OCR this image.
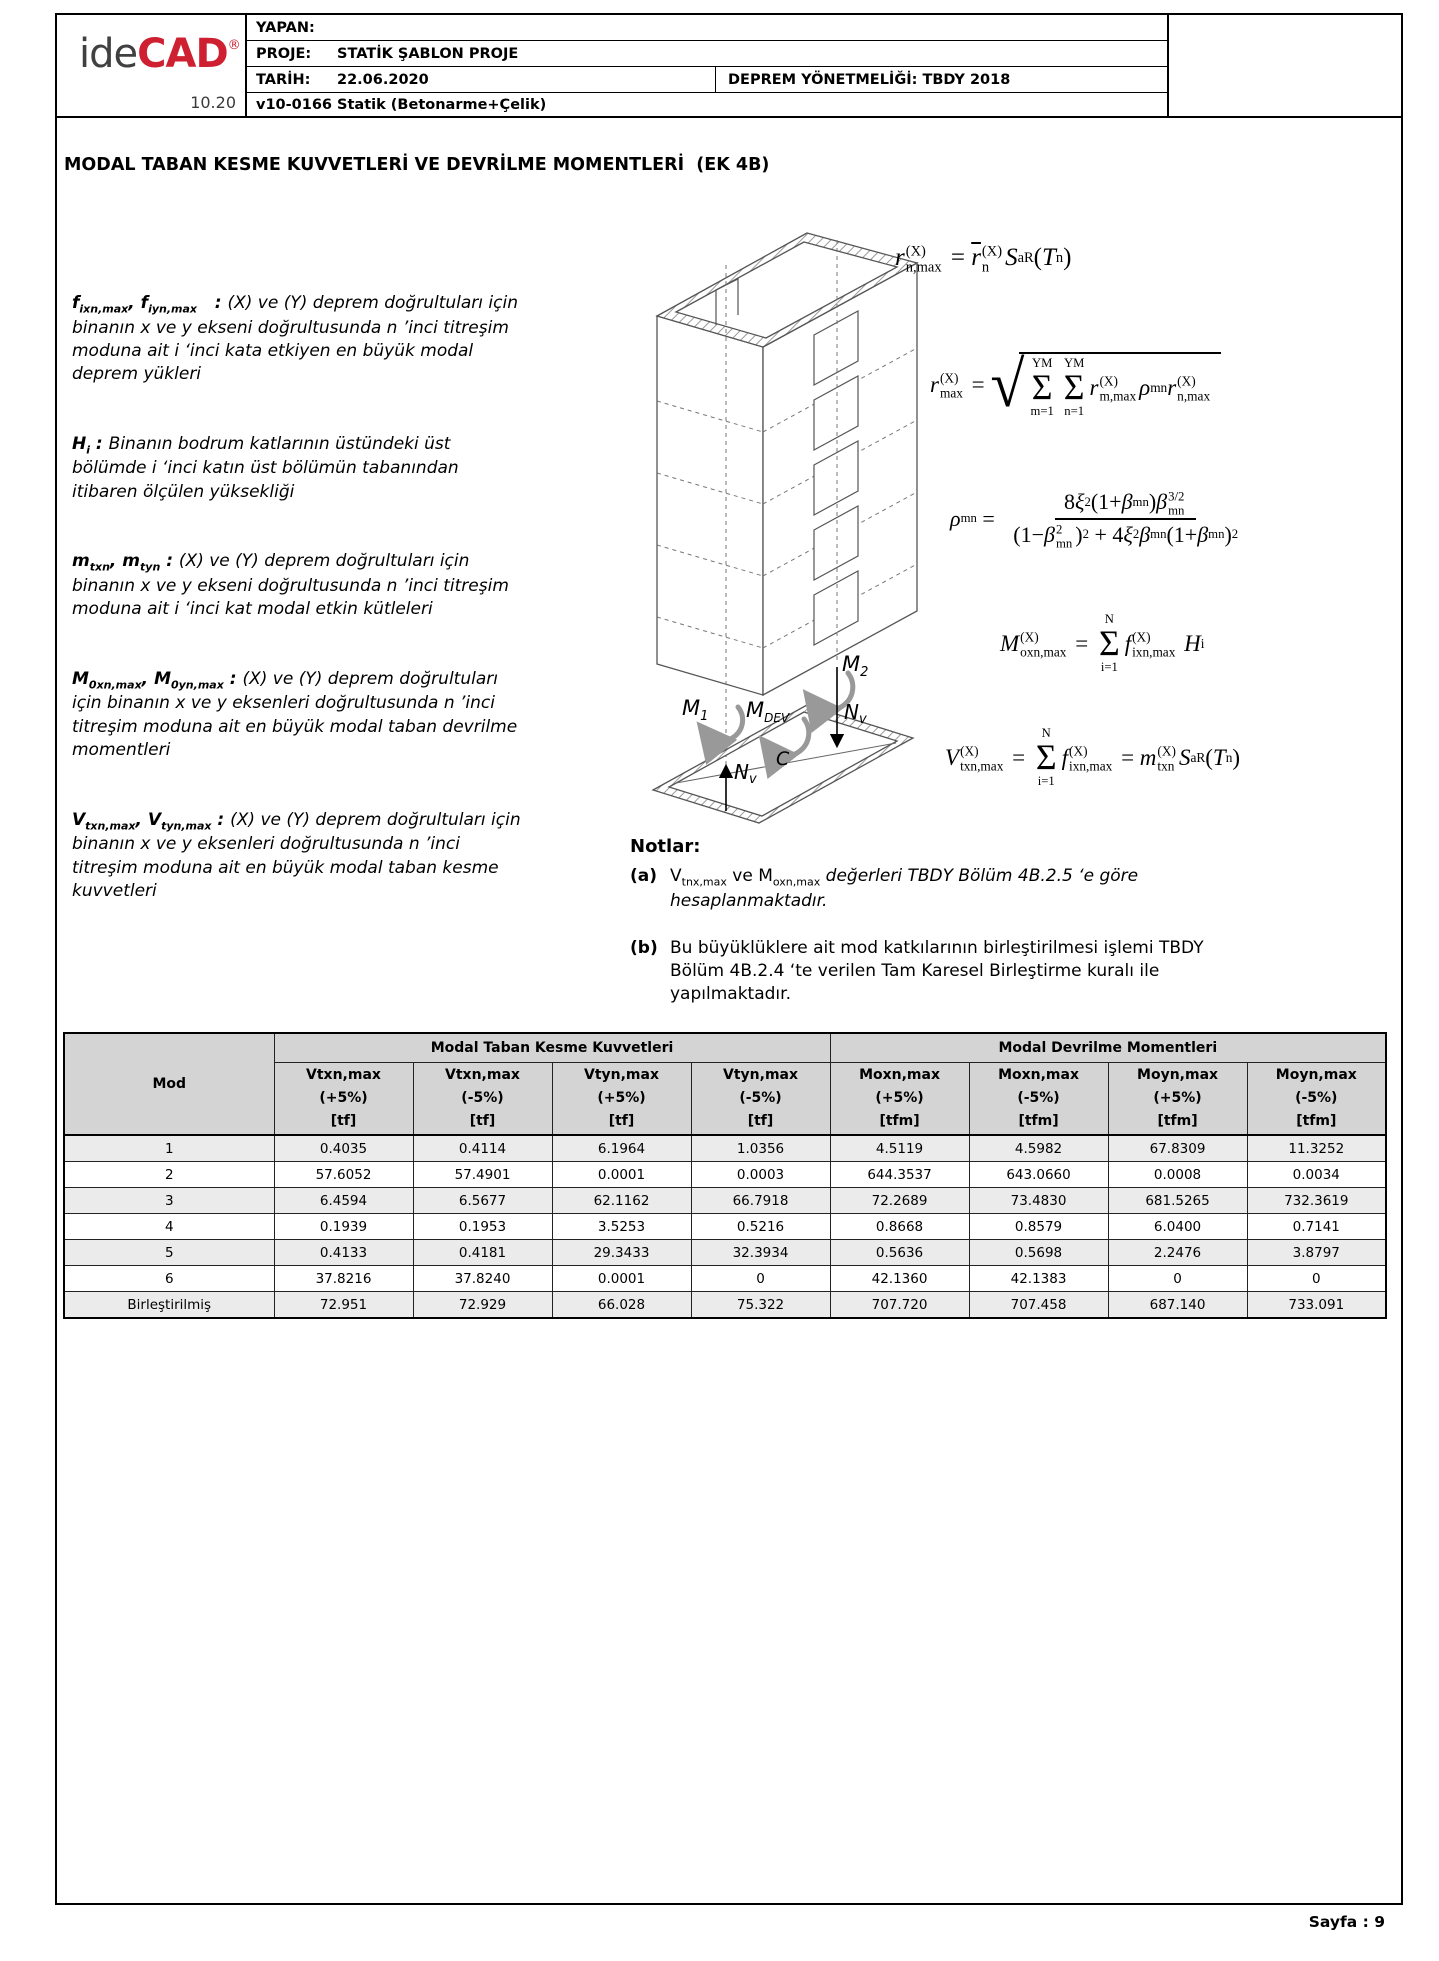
ideCAD®
10.20
YAPAN:
PROJE:	STATİK ŞABLON PROJE
TARİH:	22.06.2020	DEPREM YÖNETMELİĞİ: TBDY 2018
v10-0166 Statik (Betonarme+Çelik)
MODAL TABAN KESME KUVVETLERİ VE DEVRİLME MOMENTLERİ  (EK 4B)
$f_{ixn,max}$, $f_{iyn,max}$   : (X) ve (Y) deprem doğrultuları için binanın x ve y ekseni doğrultusunda n ’inci titreşim moduna ait i ‘inci kata etkiyen en büyük modal deprem yükleri
$H_i$ : Binanın bodrum katlarının üstündeki üst bölümde i ‘inci katın üst bölümün tabanından itibaren ölçülen yüksekliği
$m_{txn}$, $m_{tyn}$ : (X) ve (Y) deprem doğrultuları için binanın x ve y ekseni doğrultusunda n ’inci titreşim moduna ait i ‘inci kat modal etkin kütleleri
$M_{0xn,max}$, $M_{0yn,max}$ : (X) ve (Y) deprem doğrultuları için binanın x ve y eksenleri doğrultusunda n ’inci titreşim moduna ait en büyük modal taban devrilme momentleri
$V_{txn,max}$, $V_{tyn,max}$ : (X) ve (Y) deprem doğrultuları için binanın x ve y eksenleri doğrultusunda n ’inci titreşim moduna ait en büyük modal taban kesme kuvvetleri
$M_1$
$M_2$
$M_{DEV}$	$N_v$
$N_v$
C
r (X)
$n,\max = \overline{r}$ (X)
n S aR ( T n )
r (X)
max = √ YM
Σ
m=1
YM
Σ
n=1
r (X)
m,max ρ mn r (X)
n,max
ρ mn = 8 ξ 2 (1+ β mn ) β 3/2
mn
(1− β 2
mn ) 2 + 4 ξ 2 β mn (1+ β mn ) 2
M (X)
oxn,max =
N
Σ
i=1
f (X)
ixn,max
H i
V (X)
txn,max =
N
Σ
i=1
f (X)
ixn,max = m (X)
txn S aR ( T n )
Notlar:
(a) $V_{tnx,max}$ ve $M_{oxn,max}$ değerleri TBDY Bölüm 4B.2.5 ‘e göre hesaplanmaktadır.
(b) Bu büyüklüklere ait mod katkılarının birleştirilmesi işlemi TBDY Bölüm 4B.2.4 ‘te verilen Tam Karesel Birleştirme kuralı ile yapılmaktadır.
Mod	Modal Taban Kesme Kuvvetleri				Modal Devrilme Momentleri			

Vtxn,max
(+5%)
[tf]

Vtxn,max
(-5%)
[tf]

Vtyn,max
(+5%)
[tf]

Vtyn,max
(-5%)
[tf]

Moxn,max
(+5%)
[tfm]

Moxn,max
(-5%)
[tfm]

Moyn,max
(+5%)
[tfm]

Moyn,max
(-5%)
[tfm]

1	0.4035	0.4114	6.1964	1.0356	4.5119	4.5982	67.8309	11.3252
2	57.6052	57.4901	0.0001	0.0003	644.3537	643.0660	0.0008	0.0034
3	6.4594	6.5677	62.1162	66.7918	72.2689	73.4830	681.5265	732.3619
4	0.1939	0.1953	3.5253	0.5216	0.8668	0.8579	6.0400	0.7141
5	0.4133	0.4181	29.3433	32.3934	0.5636	0.5698	2.2476	3.8797
6	37.8216	37.8240	0.0001	0	42.1360	42.1383	0	0
Birleştirilmiş	72.951	72.929	66.028	75.322	707.720	707.458	687.140	733.091
Sayfa : 9
